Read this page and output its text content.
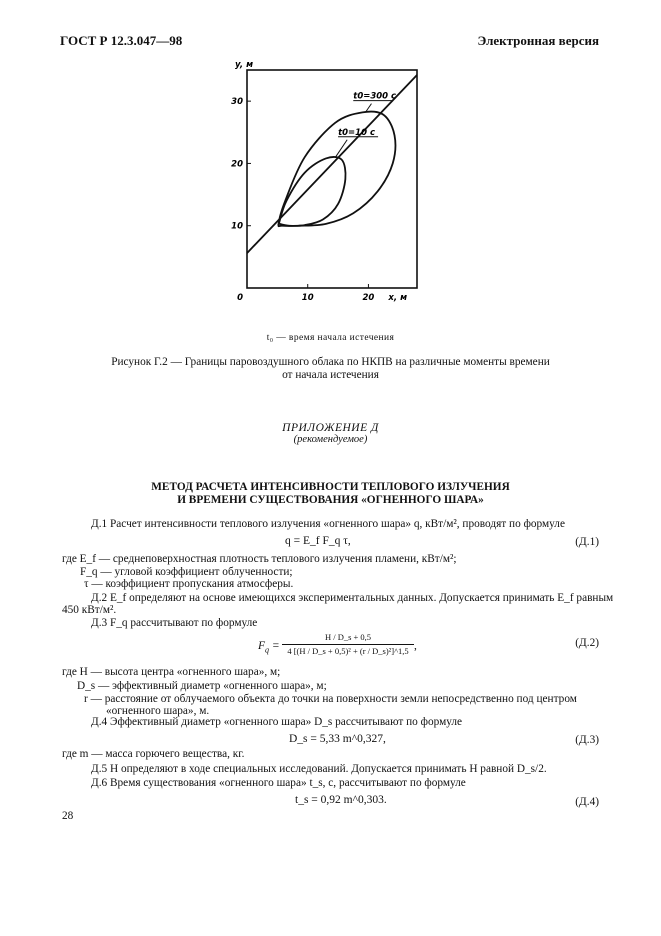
ГОСТ Р 12.3.047—98	Электронная версия
10
20
30
0	10	20
y, м
x, м
t0=300 c
t0=10 c
t₀ — время начала истечения
Рисунок Г.2 — Границы паровоздушного облака по НКПВ на различные моменты времени
от начала истечения
ПРИЛОЖЕНИЕ Д
(рекомендуемое)
МЕТОД РАСЧЕТА ИНТЕНСИВНОСТИ ТЕПЛОВОГО ИЗЛУЧЕНИЯ
И ВРЕМЕНИ СУЩЕСТВОВАНИЯ «ОГНЕННОГО ШАРА»
Д.1 Расчет интенсивности теплового излучения «огненного шара» q, кВт/м², проводят по формуле
q = E_f F_q τ,	(Д.1)
где E_f — среднеповерхностная плотность теплового излучения пламени, кВт/м²;
F_q — угловой коэффициент облученности;
τ — коэффициент пропускания атмосферы.
Д.2 E_f определяют на основе имеющихся экспериментальных данных. Допускается принимать E_f равным
450 кВт/м².
Д.3 F_q рассчитывают по формуле
$F_q$ =
H / D_s + 0,5
4 [(H / D_s + 0,5)² + (r / D_s)²]^1,5 ,	(Д.2)
где H — высота центра «огненного шара», м;
D_s — эффективный диаметр «огненного шара», м;
r — расстояние от облучаемого объекта до точки на поверхности земли непосредственно под центром
«огненного шара», м.
Д.4 Эффективный диаметр «огненного шара» D_s рассчитывают по формуле
D_s = 5,33 m^0,327,	(Д.3)
где m — масса горючего вещества, кг.
Д.5 H определяют в ходе специальных исследований. Допускается принимать H равной D_s/2.
Д.6 Время существования «огненного шара» t_s, с, рассчитывают по формуле
t_s = 0,92 m^0,303.	(Д.4)
28
